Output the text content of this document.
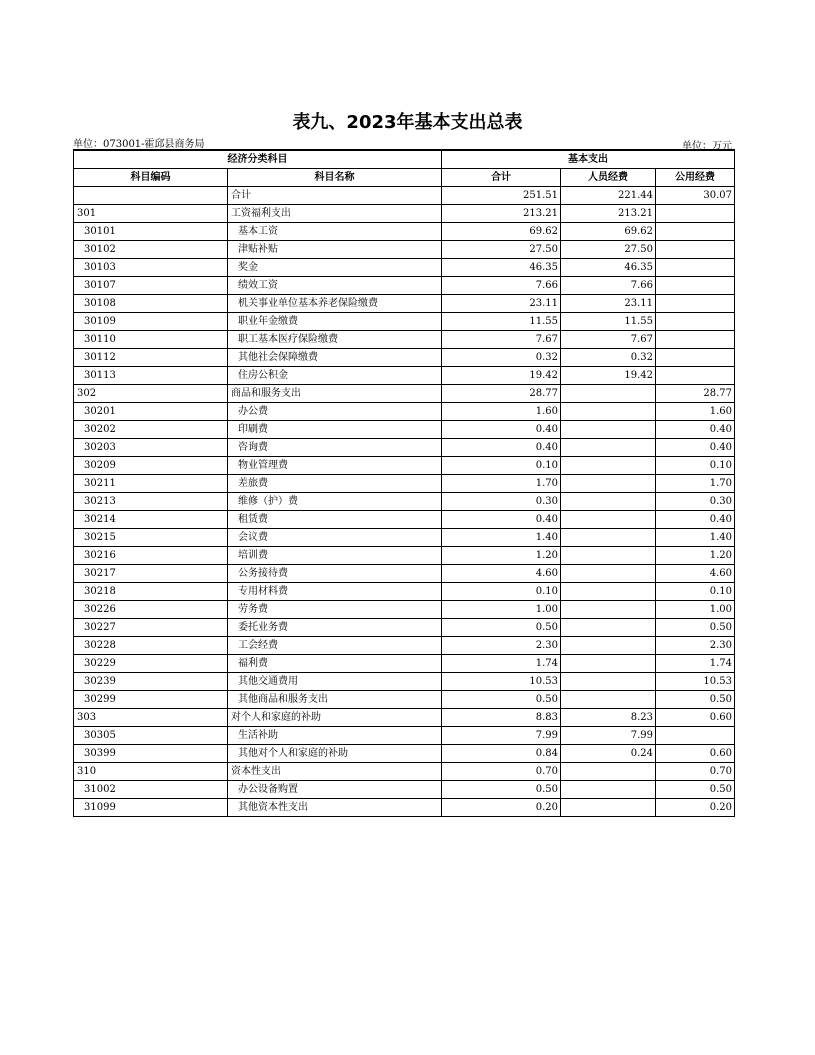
表九、2023年基本支出总表
单位：073001-霍邱县商务局	单位：万元
经济分类科目		基本支出		
科目编码	科目名称	合计	人员经费	公用经费
	合计	251.51	221.44	30.07
301	工资福利支出	213.21	213.21	
30101	基本工资	69.62	69.62	
30102	津贴补贴	27.50	27.50	
30103	奖金	46.35	46.35	
30107	绩效工资	7.66	7.66	
30108	机关事业单位基本养老保险缴费	23.11	23.11	
30109	职业年金缴费	11.55	11.55	
30110	职工基本医疗保险缴费	7.67	7.67	
30112	其他社会保障缴费	0.32	0.32	
30113	住房公积金	19.42	19.42	
302	商品和服务支出	28.77		28.77
30201	办公费	1.60		1.60
30202	印刷费	0.40		0.40
30203	咨询费	0.40		0.40
30209	物业管理费	0.10		0.10
30211	差旅费	1.70		1.70
30213	维修（护）费	0.30		0.30
30214	租赁费	0.40		0.40
30215	会议费	1.40		1.40
30216	培训费	1.20		1.20
30217	公务接待费	4.60		4.60
30218	专用材料费	0.10		0.10
30226	劳务费	1.00		1.00
30227	委托业务费	0.50		0.50
30228	工会经费	2.30		2.30
30229	福利费	1.74		1.74
30239	其他交通费用	10.53		10.53
30299	其他商品和服务支出	0.50		0.50
303	对个人和家庭的补助	8.83	8.23	0.60
30305	生活补助	7.99	7.99	
30399	其他对个人和家庭的补助	0.84	0.24	0.60
310	资本性支出	0.70		0.70
31002	办公设备购置	0.50		0.50
31099	其他资本性支出	0.20		0.20
